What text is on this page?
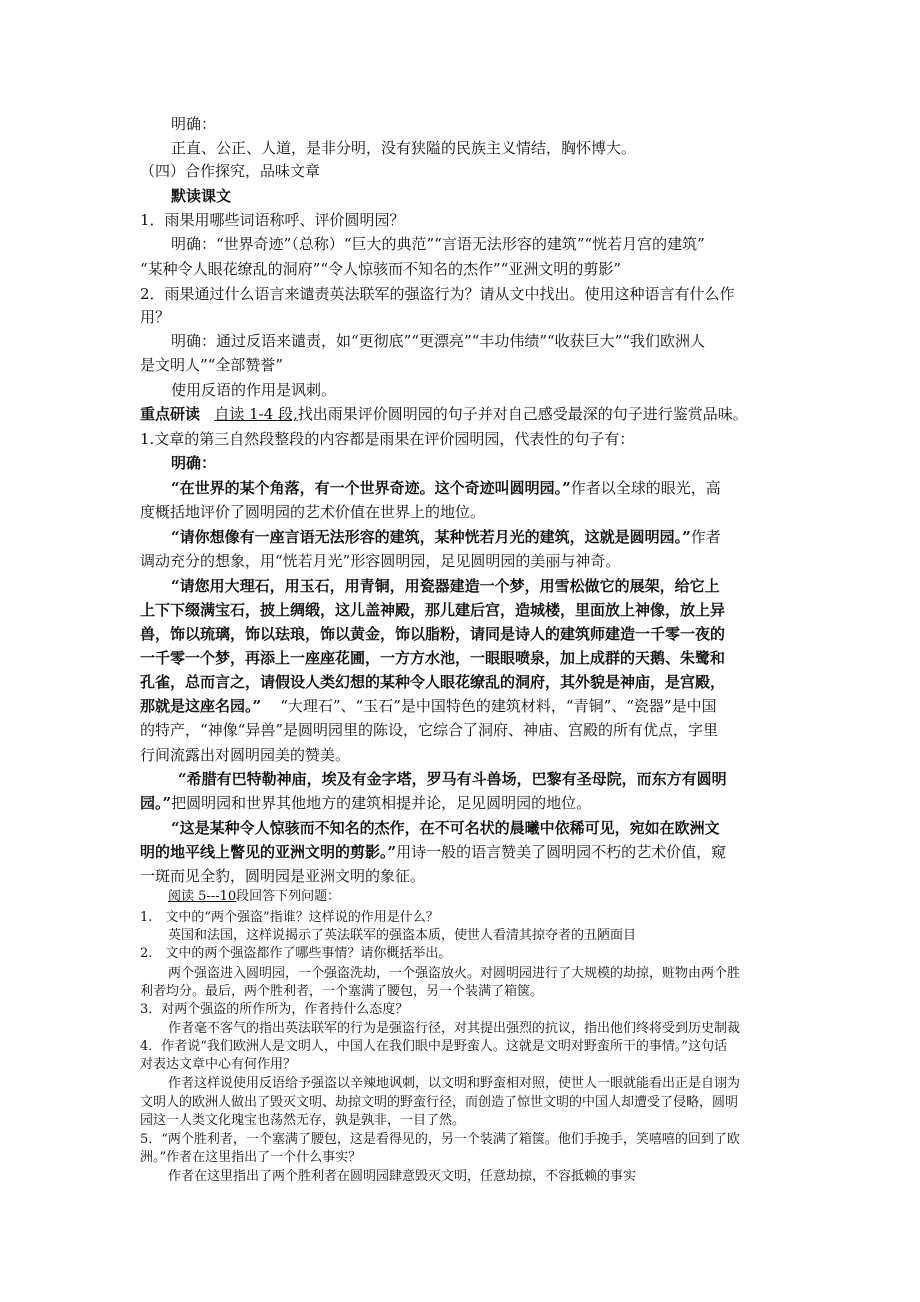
明确：
正直、公正、人道，是非分明，没有狭隘的民族主义情结，胸怀博大。
（四）合作探究，品味文章
默读课文
1．雨果用哪些词语称呼、评价圆明园？
明确：“世界奇迹”（总称）“巨大的典范”“言语无法形容的建筑”“恍若月宫的建筑”
“某种令人眼花缭乱的洞府”“令人惊骇而不知名的杰作”“亚洲文明的剪影”
2．雨果通过什么语言来谴责英法联军的强盗行为？请从文中找出。使用这种语言有什么作
用？
明确：通过反语来谴责，如“更彻底”“更漂亮”“丰功伟绩”“收获巨大”“我们欧洲人
是文明人”“全部赞誉”
使用反语的作用是讽刺。
重点研读 自读 1-4 段,找出雨果评价圆明园的句子并对自己感受最深的句子进行鉴赏品味。
1.文章的第三自然段整段的内容都是雨果在评价园明园，代表性的句子有：
明确：
“在世界的某个角落，有一个世界奇迹。这个奇迹叫圆明园。”作者以全球的眼光，高
度概括地评价了圆明园的艺术价值在世界上的地位。
“请你想像有一座言语无法形容的建筑，某种恍若月光的建筑，这就是圆明园。”作者
调动充分的想象，用“恍若月光”形容圆明园，足见圆明园的美丽与神奇。
“请您用大理石，用玉石，用青铜，用瓷器建造一个梦，用雪松做它的展架，给它上
上下下缀满宝石，披上绸缎，这儿盖神殿，那儿建后宫，造城楼，里面放上神像，放上异
兽，饰以琉璃，饰以珐琅，饰以黄金，饰以脂粉，请同是诗人的建筑师建造一千零一夜的
一千零一个梦，再添上一座座花圃，一方方水池，一眼眼喷泉，加上成群的天鹅、朱鹭和
孔雀，总而言之，请假设人类幻想的某种令人眼花缭乱的洞府，其外貌是神庙，是宫殿，
那就是这座名园。” “大理石”、“玉石”是中国特色的建筑材料，“青铜”、“瓷器”是中国
的特产，“神像“异兽”是圆明园里的陈设，它综合了洞府、神庙、宫殿的所有优点，字里
行间流露出对圆明园美的赞美。
“希腊有巴特勒神庙，埃及有金字塔，罗马有斗兽场，巴黎有圣母院，而东方有圆明
园。”把圆明园和世界其他地方的建筑相提并论，足见圆明园的地位。
“这是某种令人惊骇而不知名的杰作，在不可名状的晨曦中依稀可见，宛如在欧洲文
明的地平线上瞥见的亚洲文明的剪影。”用诗一般的语言赞美了圆明园不朽的艺术价值，窥
一斑而见全豹，圆明园是亚洲文明的象征。
阅读 5---10段回答下列问题：
1.　文中的“两个强盗”指谁？这样说的作用是什么？
英国和法国，这样说揭示了英法联军的强盗本质，使世人看清其掠夺者的丑陋面目
2.　文中的两个强盗都作了哪些事情？请你概括举出。
两个强盗进入圆明园，一个强盗洗劫，一个强盗放火。对圆明园进行了大规模的劫掠，赃物由两个胜
利者均分。最后，两个胜利者，一个塞满了腰包，另一个装满了箱箧。
3．对两个强盗的所作所为，作者持什么态度？
作者毫不客气的指出英法联军的行为是强盗行径，对其提出强烈的抗议，指出他们终将受到历史制裁
4．作者说“我们欧洲人是文明人，中国人在我们眼中是野蛮人。这就是文明对野蛮所干的事情。”这句话
对表达文章中心有何作用？
作者这样说使用反语给予强盗以辛辣地讽刺，以文明和野蛮相对照，使世人一眼就能看出正是自诩为
文明人的欧洲人做出了毁灭文明、劫掠文明的野蛮行径，而创造了惊世文明的中国人却遭受了侵略，圆明
园这一人类文化瑰宝也荡然无存，孰是孰非，一目了然。
5．“两个胜利者，一个塞满了腰包，这是看得见的，另一个装满了箱箧。他们手挽手，笑嘻嘻的回到了欧
洲。”作者在这里指出了一个什么事实？
作者在这里指出了两个胜利者在圆明园肆意毁灭文明，任意劫掠，不容抵赖的事实
